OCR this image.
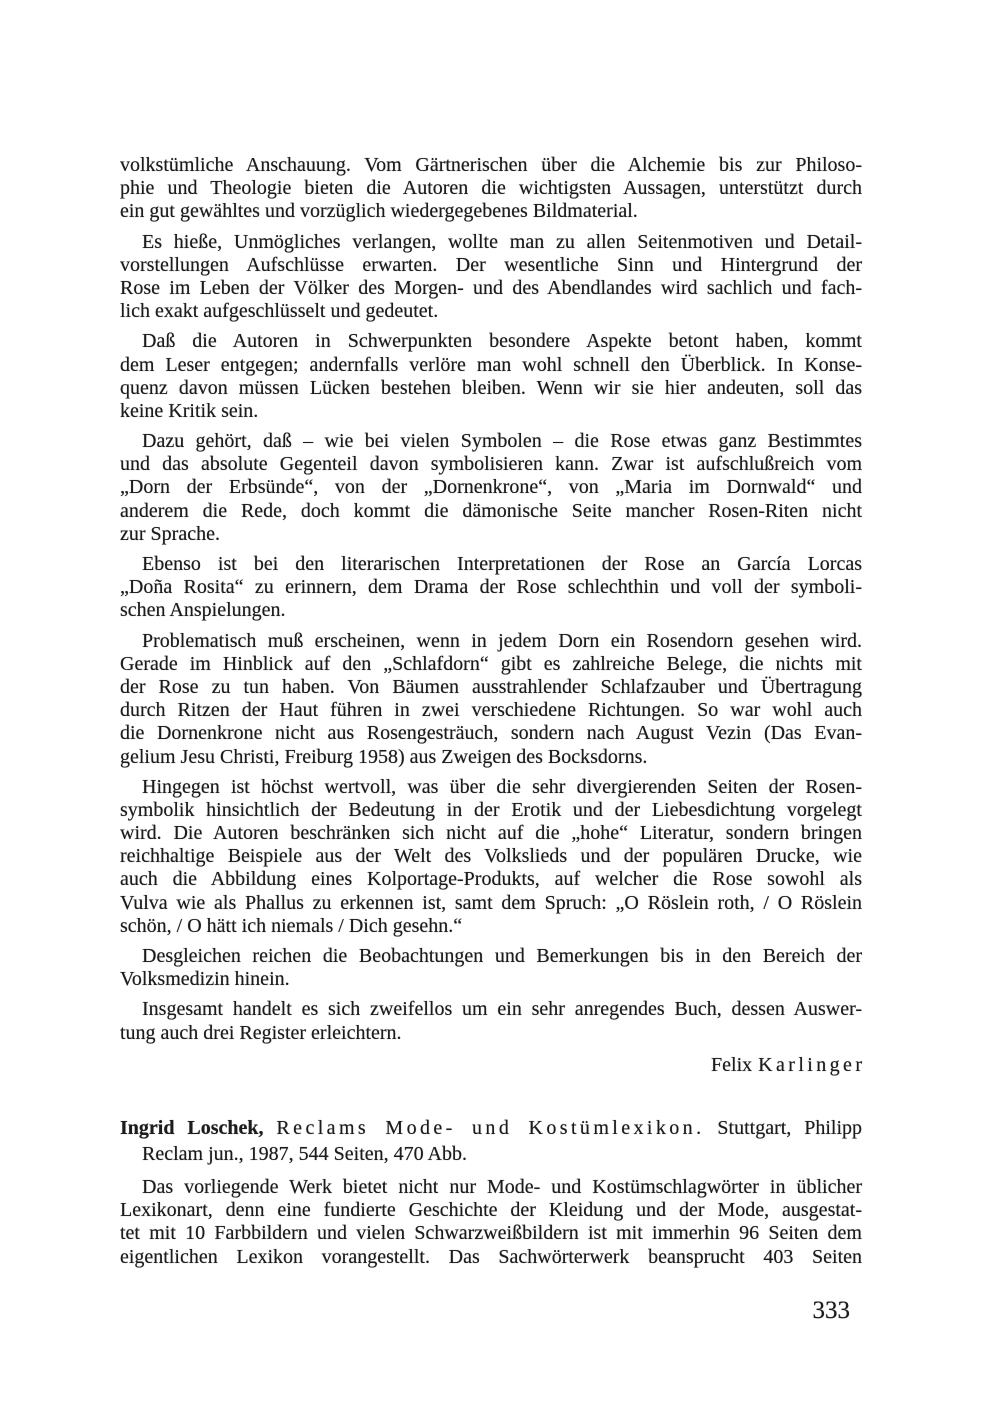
volkstümliche Anschauung. Vom Gärtnerischen über die Alchemie bis zur Philoso-
phie und Theologie bieten die Autoren die wichtigsten Aussagen, unterstützt durch
ein gut gewähltes und vorzüglich wiedergegebenes Bildmaterial.
Es hieße, Unmögliches verlangen, wollte man zu allen Seitenmotiven und Detail-
vorstellungen Aufschlüsse erwarten. Der wesentliche Sinn und Hintergrund der
Rose im Leben der Völker des Morgen- und des Abendlandes wird sachlich und fach-
lich exakt aufgeschlüsselt und gedeutet.
Daß die Autoren in Schwerpunkten besondere Aspekte betont haben, kommt
dem Leser entgegen; andernfalls verlöre man wohl schnell den Überblick. In Konse-
quenz davon müssen Lücken bestehen bleiben. Wenn wir sie hier andeuten, soll das
keine Kritik sein.
Dazu gehört, daß – wie bei vielen Symbolen – die Rose etwas ganz Bestimmtes
und das absolute Gegenteil davon symbolisieren kann. Zwar ist aufschlußreich vom
„Dorn der Erbsünde“, von der „Dornenkrone“, von „Maria im Dornwald“ und
anderem die Rede, doch kommt die dämonische Seite mancher Rosen-Riten nicht
zur Sprache.
Ebenso ist bei den literarischen Interpretationen der Rose an García Lorcas
„Doña Rosita“ zu erinnern, dem Drama der Rose schlechthin und voll der symboli-
schen Anspielungen.
Problematisch muß erscheinen, wenn in jedem Dorn ein Rosendorn gesehen wird.
Gerade im Hinblick auf den „Schlafdorn“ gibt es zahlreiche Belege, die nichts mit
der Rose zu tun haben. Von Bäumen ausstrahlender Schlafzauber und Übertragung
durch Ritzen der Haut führen in zwei verschiedene Richtungen. So war wohl auch
die Dornenkrone nicht aus Rosengesträuch, sondern nach August Vezin (Das Evan-
gelium Jesu Christi, Freiburg 1958) aus Zweigen des Bocksdorns.
Hingegen ist höchst wertvoll, was über die sehr divergierenden Seiten der Rosen-
symbolik hinsichtlich der Bedeutung in der Erotik und der Liebesdichtung vorgelegt
wird. Die Autoren beschränken sich nicht auf die „hohe“ Literatur, sondern bringen
reichhaltige Beispiele aus der Welt des Volkslieds und der populären Drucke, wie
auch die Abbildung eines Kolportage-Produkts, auf welcher die Rose sowohl als
Vulva wie als Phallus zu erkennen ist, samt dem Spruch: „O Röslein roth, / O Röslein
schön, / O hätt ich niemals / Dich gesehn.“
Desgleichen reichen die Beobachtungen und Bemerkungen bis in den Bereich der
Volksmedizin hinein.
Insgesamt handelt es sich zweifellos um ein sehr anregendes Buch, dessen Auswer-
tung auch drei Register erleichtern.
Felix Karlinger
Ingrid Loschek, Reclams Mode- und Kostümlexikon. Stuttgart, Philipp
Reclam jun., 1987, 544 Seiten, 470 Abb.
Das vorliegende Werk bietet nicht nur Mode- und Kostümschlagwörter in üblicher
Lexikonart, denn eine fundierte Geschichte der Kleidung und der Mode, ausgestat-
tet mit 10 Farbbildern und vielen Schwarzweißbildern ist mit immerhin 96 Seiten dem
eigentlichen Lexikon vorangestellt. Das Sachwörterwerk beansprucht 403 Seiten
333
